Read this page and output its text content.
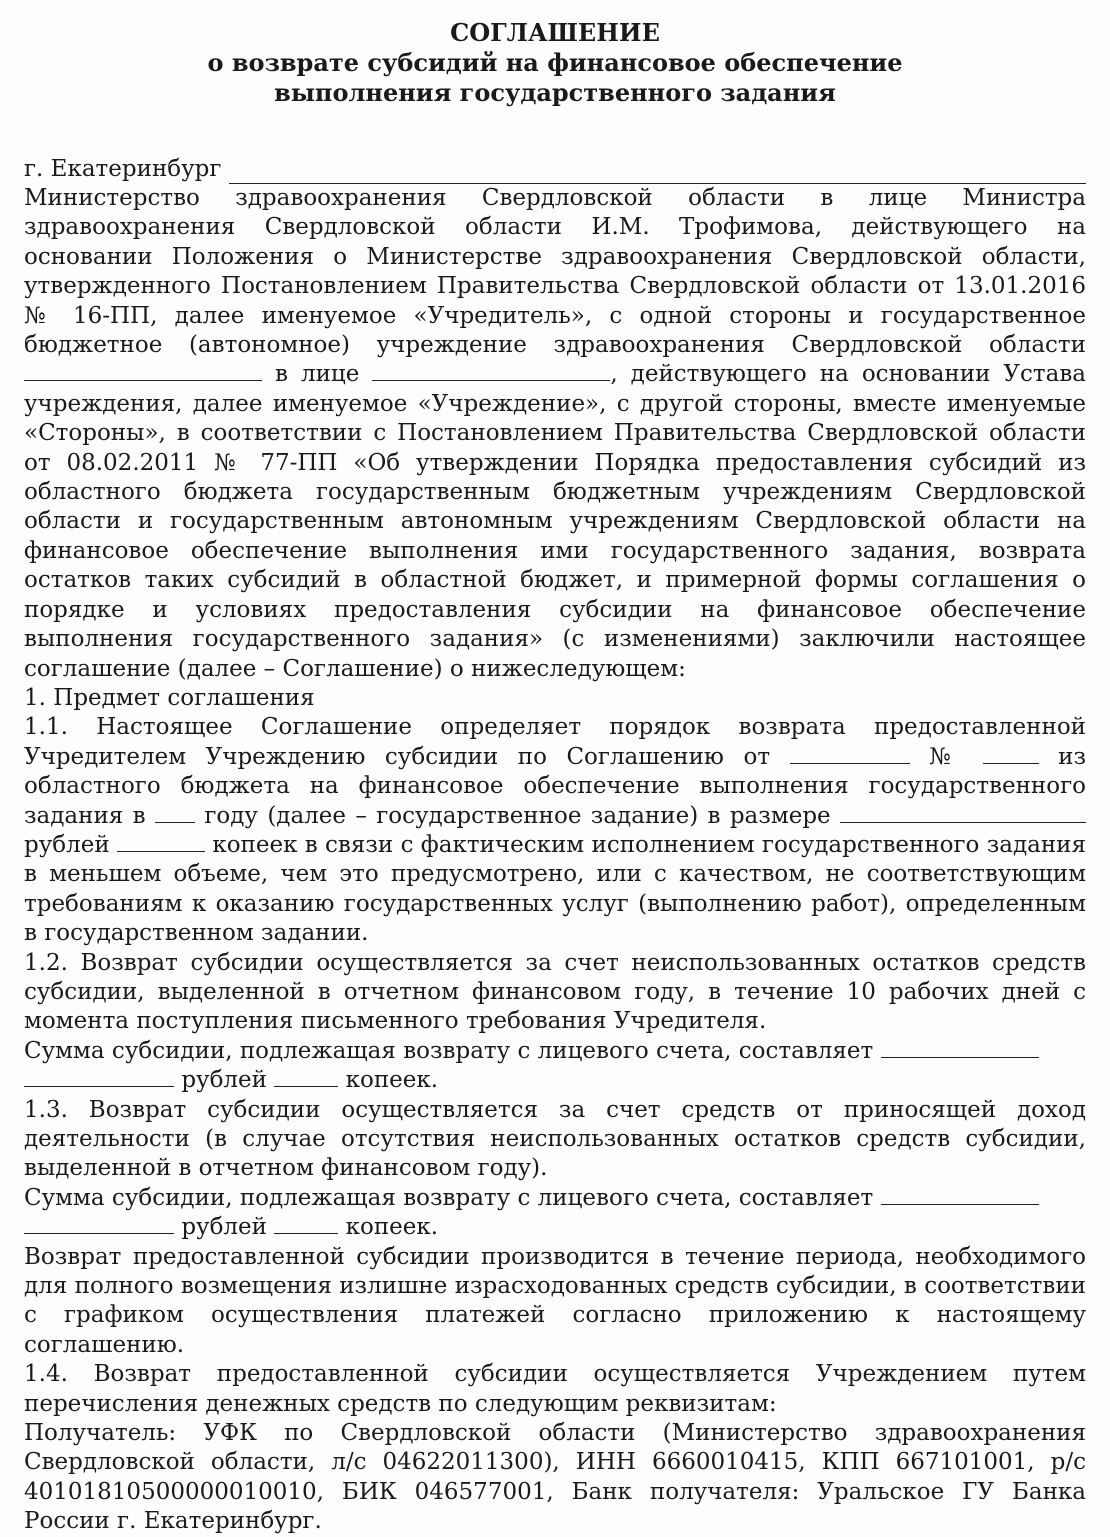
СОГЛАШЕНИЕ

о возврате субсидий на финансовое обеспечение

выполнения государственного задания

г. Екатеринбург

Министерство здравоохранения Свердловской области в лице Министра здравоохранения Свердловской области И.М. Трофимова, действующего на основании Положения о Министерстве здравоохранения Свердловской области, утвержденного Постановлением Правительства Свердловской области от 13.01.2016 № 16-ПП, далее именуемое «Учредитель», с одной стороны и государственное бюджетное (автономное) учреждение здравоохранения Свердловской области  в лице	, действующего на основании Устава учреждения, далее именуемое «Учреждение», с другой стороны, вместе именуемые «Стороны», в соответствии с Постановлением Правительства Свердловской области от 08.02.2011 № 77-ПП «Об утверждении Порядка предоставления субсидий из областного бюджета государственным бюджетным учреждениям Свердловской области и государственным автономным учреждениям Свердловской области на финансовое обеспечение выполнения ими государственного задания, возврата остатков таких субсидий в областной бюджет, и примерной формы соглашения о порядке и условиях предоставления субсидии на финансовое обеспечение выполнения государственного задания» (с изменениями) заключили настоящее соглашение (далее – Соглашение) о нижеследующем:

1. Предмет соглашения

1.1. Настоящее Соглашение определяет порядок возврата предоставленной Учредителем Учреждению субсидии по Соглашению от	№	из областного бюджета на финансовое обеспечение выполнения государственного задания в	году (далее – государственное задание) в размере  рублей	копеек в связи с фактическим исполнением государственного задания в меньшем объеме, чем это предусмотрено, или с качеством, не соответствующим требованиям к оказанию государственных услуг (выполнению работ), определенным в государственном задании.

1.2. Возврат субсидии осуществляется за счет неиспользованных остатков средств субсидии, выделенной в отчетном финансовом году, в течение 10 рабочих дней с момента поступления письменного требования Учредителя.

Сумма субсидии, подлежащая возврату с лицевого счета, составляет

рублей	копеек.

1.3. Возврат субсидии осуществляется за счет средств от приносящей доход деятельности (в случае отсутствия неиспользованных остатков средств субсидии, выделенной в отчетном финансовом году).

Сумма субсидии, подлежащая возврату с лицевого счета, составляет

рублей	копеек.

Возврат предоставленной субсидии производится в течение периода, необходимого для полного возмещения излишне израсходованных средств субсидии, в соответствии с графиком осуществления платежей согласно приложению к настоящему соглашению.

1.4. Возврат предоставленной субсидии осуществляется Учреждением путем перечисления денежных средств по следующим реквизитам:

Получатель: УФК по Свердловской области (Министерство здравоохранения Свердловской области, л/с 04622011300), ИНН 6660010415, КПП 667101001, р/с 40101810500000010010, БИК 046577001, Банк получателя: Уральское ГУ Банка России г. Екатеринбург.
